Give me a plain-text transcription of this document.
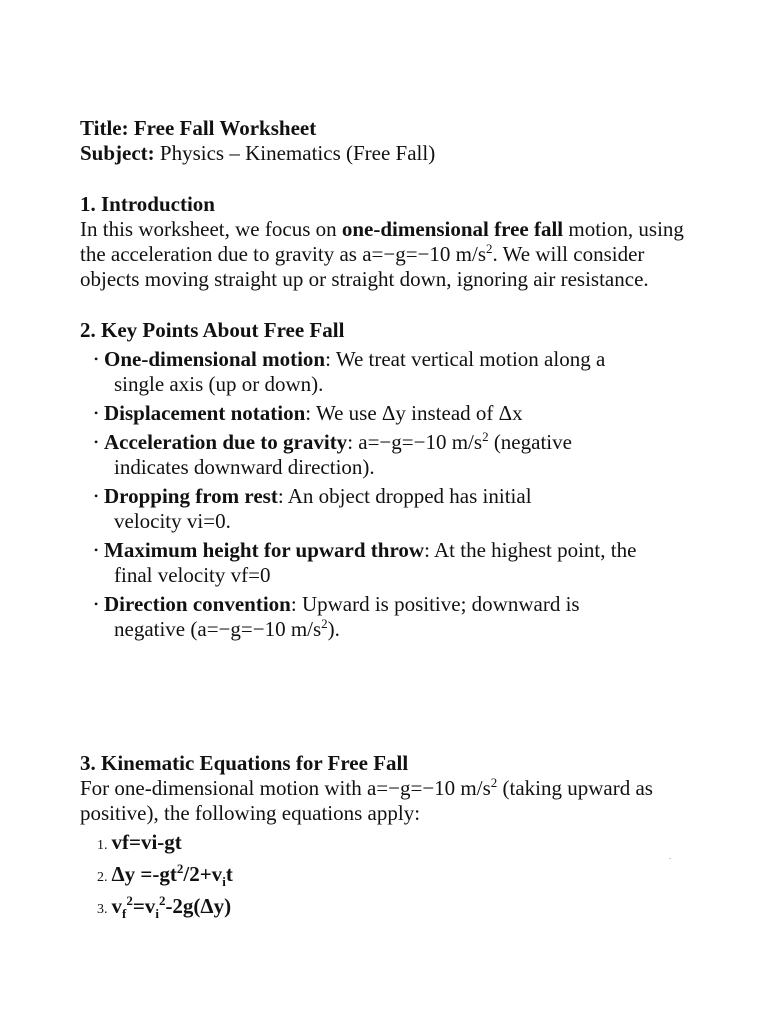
Title: Free Fall Worksheet

Subject: Physics – Kinematics (Free Fall)

1. Introduction

In this worksheet, we focus on one-dimensional free fall motion, using the acceleration due to gravity as a=−g=−10 $m/s^2$. We will consider objects moving straight up or straight down, ignoring air resistance.

2. Key Points About Free Fall

• One-dimensional motion: We treat vertical motion along a
single axis (up or down).
• Displacement notation: We use Δy instead of Δx
• Acceleration due to gravity: a=−g=−10 $m/s^2$ (negative
indicates downward direction).
• Dropping from rest: An object dropped has initial
velocity vi=0.
• Maximum height for upward throw: At the highest point, the
final velocity vf=0
• Direction convention: Upward is positive; downward is
negative (a=−g=−10 $m/s^2$).

3. Kinematic Equations for Free Fall

For one-dimensional motion with a=−g=−10 $m/s^2$ (taking upward as positive), the following equations apply:

1. vf=vi-gt
2. $\Delta y =-gt^2/2+v_it$
3. $v_f^2=v_i^2-2g(\Delta y)$
